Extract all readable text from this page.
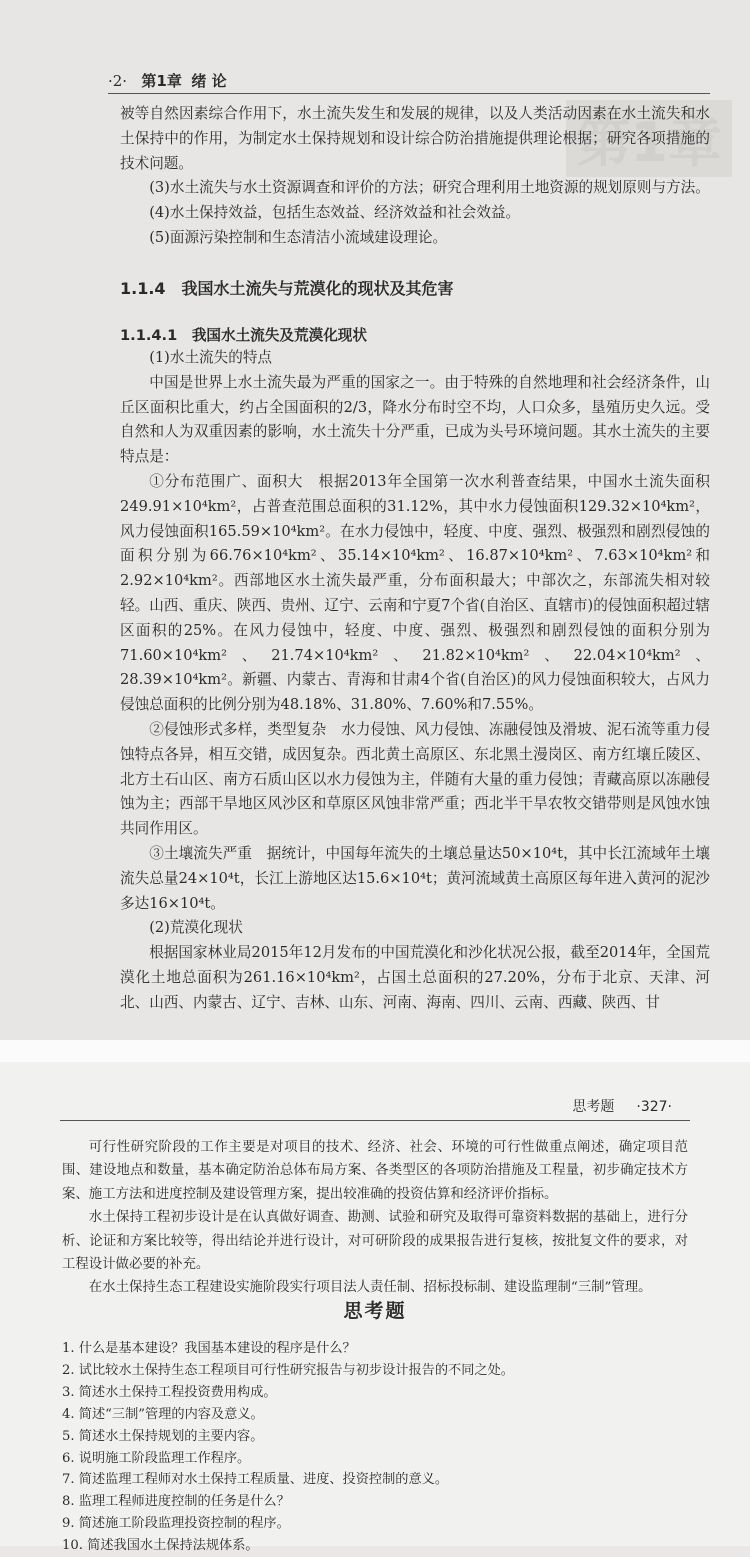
·2· 第1章 绪 论
第1章

被等自然因素综合作用下，水土流失发生和发展的规律，以及人类活动因素在水土流失和水土保持中的作用，为制定水土保持规划和设计综合防治措施提供理论根据；研究各项措施的技术问题。

(3)水土流失与水土资源调查和评价的方法；研究合理利用土地资源的规划原则与方法。

(4)水土保持效益，包括生态效益、经济效益和社会效益。

(5)面源污染控制和生态清洁小流域建设理论。

1.1.4　我国水土流失与荒漠化的现状及其危害
1.1.4.1　我国水土流失及荒漠化现状

(1)水土流失的特点

中国是世界上水土流失最为严重的国家之一。由于特殊的自然地理和社会经济条件，山丘区面积比重大，约占全国面积的2/3，降水分布时空不均，人口众多，垦殖历史久远。受自然和人为双重因素的影响，水土流失十分严重，已成为头号环境问题。其水土流失的主要特点是：

①分布范围广、面积大　根据2013年全国第一次水利普查结果，中国水土流失面积249.91×10⁴km²，占普查范围总面积的31.12%，其中水力侵蚀面积129.32×10⁴km²，风力侵蚀面积165.59×10⁴km²。在水力侵蚀中，轻度、中度、强烈、极强烈和剧烈侵蚀的面积分别为66.76×10⁴km²、35.14×10⁴km²、16.87×10⁴km²、7.63×10⁴km²和2.92×10⁴km²。西部地区水土流失最严重，分布面积最大；中部次之，东部流失相对较轻。山西、重庆、陕西、贵州、辽宁、云南和宁夏7个省(自治区、直辖市)的侵蚀面积超过辖区面积的25%。在风力侵蚀中，轻度、中度、强烈、极强烈和剧烈侵蚀的面积分别为71.60×10⁴km²、21.74×10⁴km²、21.82×10⁴km²、22.04×10⁴km²、28.39×10⁴km²。新疆、内蒙古、青海和甘肃4个省(自治区)的风力侵蚀面积较大，占风力侵蚀总面积的比例分别为48.18%、31.80%、7.60%和7.55%。

②侵蚀形式多样，类型复杂　水力侵蚀、风力侵蚀、冻融侵蚀及滑坡、泥石流等重力侵蚀特点各异，相互交错，成因复杂。西北黄土高原区、东北黑土漫岗区、南方红壤丘陵区、北方土石山区、南方石质山区以水力侵蚀为主，伴随有大量的重力侵蚀；青藏高原以冻融侵蚀为主；西部干旱地区风沙区和草原区风蚀非常严重；西北半干旱农牧交错带则是风蚀水蚀共同作用区。

③土壤流失严重　据统计，中国每年流失的土壤总量达50×10⁴t，其中长江流域年土壤流失总量24×10⁴t，长江上游地区达15.6×10⁴t；黄河流域黄土高原区每年进入黄河的泥沙多达16×10⁴t。

(2)荒漠化现状

根据国家林业局2015年12月发布的中国荒漠化和沙化状况公报，截至2014年，全国荒漠化土地总面积为261.16×10⁴km²，占国土总面积的27.20%，分布于北京、天津、河北、山西、内蒙古、辽宁、吉林、山东、河南、海南、四川、云南、西藏、陕西、甘

思考题 ·327·

可行性研究阶段的工作主要是对项目的技术、经济、社会、环境的可行性做重点阐述，确定项目范围、建设地点和数量，基本确定防治总体布局方案、各类型区的各项防治措施及工程量，初步确定技术方案、施工方法和进度控制及建设管理方案，提出较准确的投资估算和经济评价指标。

水土保持工程初步设计是在认真做好调查、勘测、试验和研究及取得可靠资料数据的基础上，进行分析、论证和方案比较等，得出结论并进行设计，对可研阶段的成果报告进行复核，按批复文件的要求，对工程设计做必要的补充。

在水土保持生态工程建设实施阶段实行项目法人责任制、招标投标制、建设监理制“三制”管理。

思考题
1. 什么是基本建设？我国基本建设的程序是什么？
2. 试比较水土保持生态工程项目可行性研究报告与初步设计报告的不同之处。
3. 简述水土保持工程投资费用构成。
4. 简述“三制”管理的内容及意义。
5. 简述水土保持规划的主要内容。
6. 说明施工阶段监理工作程序。
7. 简述监理工程师对水土保持工程质量、进度、投资控制的意义。
8. 监理工程师进度控制的任务是什么？
9. 简述施工阶段监理投资控制的程序。
10. 简述我国水土保持法规体系。
